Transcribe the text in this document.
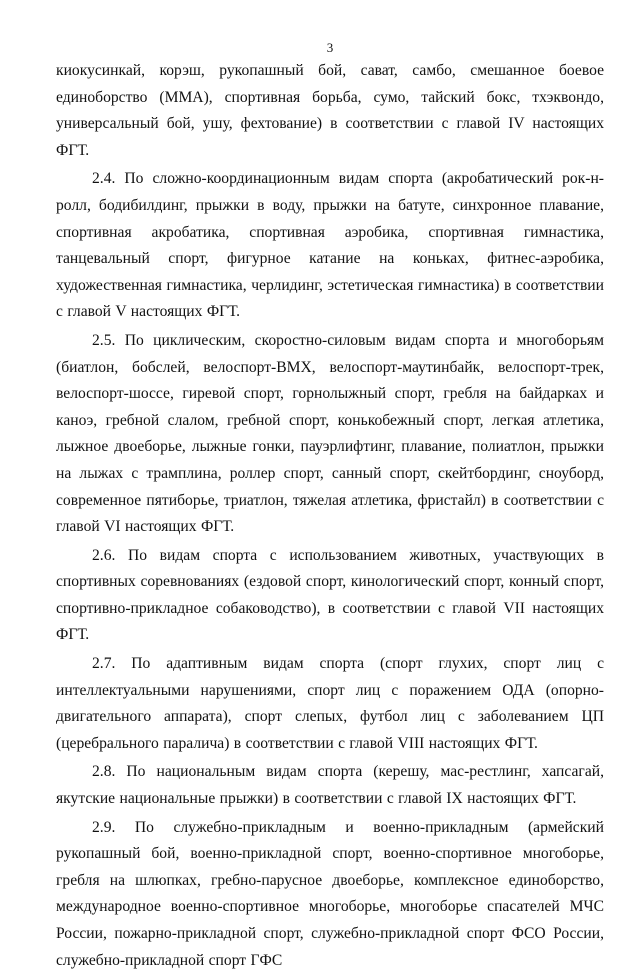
3

киокусинкай, корэш, рукопашный бой, сават, самбо, смешанное боевое единоборство (ММА), спортивная борьба, сумо, тайский бокс, тхэквондо, универсальный бой, ушу, фехтование) в соответствии с главой IV настоящих ФГТ.

2.4. По сложно-координационным видам спорта (акробатический рок-н-ролл, бодибилдинг, прыжки в воду, прыжки на батуте, синхронное плавание, спортивная акробатика, спортивная аэробика, спортивная гимнастика, танцевальный спорт, фигурное катание на коньках, фитнес-аэробика, художественная гимнастика, черлидинг, эстетическая гимнастика) в соответствии с главой V настоящих ФГТ.

2.5. По циклическим, скоростно-силовым видам спорта и многоборьям (биатлон, бобслей, велоспорт-BMX, велоспорт-маутинбайк, велоспорт-трек, велоспорт-шоссе, гиревой спорт, горнолыжный спорт, гребля на байдарках и каноэ, гребной слалом, гребной спорт, конькобежный спорт, легкая атлетика, лыжное двоеборье, лыжные гонки, пауэрлифтинг, плавание, полиатлон, прыжки на лыжах с трамплина, роллер спорт, санный спорт, скейтбординг, сноуборд, современное пятиборье, триатлон, тяжелая атлетика, фристайл) в соответствии с главой VI настоящих ФГТ.

2.6. По видам спорта с использованием животных, участвующих в спортивных соревнованиях (ездовой спорт, кинологический спорт, конный спорт, спортивно-прикладное собаководство), в соответствии с главой VII настоящих ФГТ.

2.7. По адаптивным видам спорта (спорт глухих, спорт лиц с интеллектуальными нарушениями, спорт лиц с поражением ОДА (опорно-двигательного аппарата), спорт слепых, футбол лиц с заболеванием ЦП (церебрального паралича) в соответствии с главой VIII настоящих ФГТ.

2.8. По национальным видам спорта (керешу, мас-рестлинг, хапсагай, якутские национальные прыжки) в соответствии с главой IX настоящих ФГТ.

2.9. По служебно-прикладным и военно-прикладным (армейский рукопашный бой, военно-прикладной спорт, военно-спортивное многоборье, гребля на шлюпках, гребно-парусное двоеборье, комплексное единоборство, международное военно-спортивное многоборье, многоборье спасателей МЧС России, пожарно-прикладной спорт, служебно-прикладной спорт ФСО России, служебно-прикладной спорт ГФС
